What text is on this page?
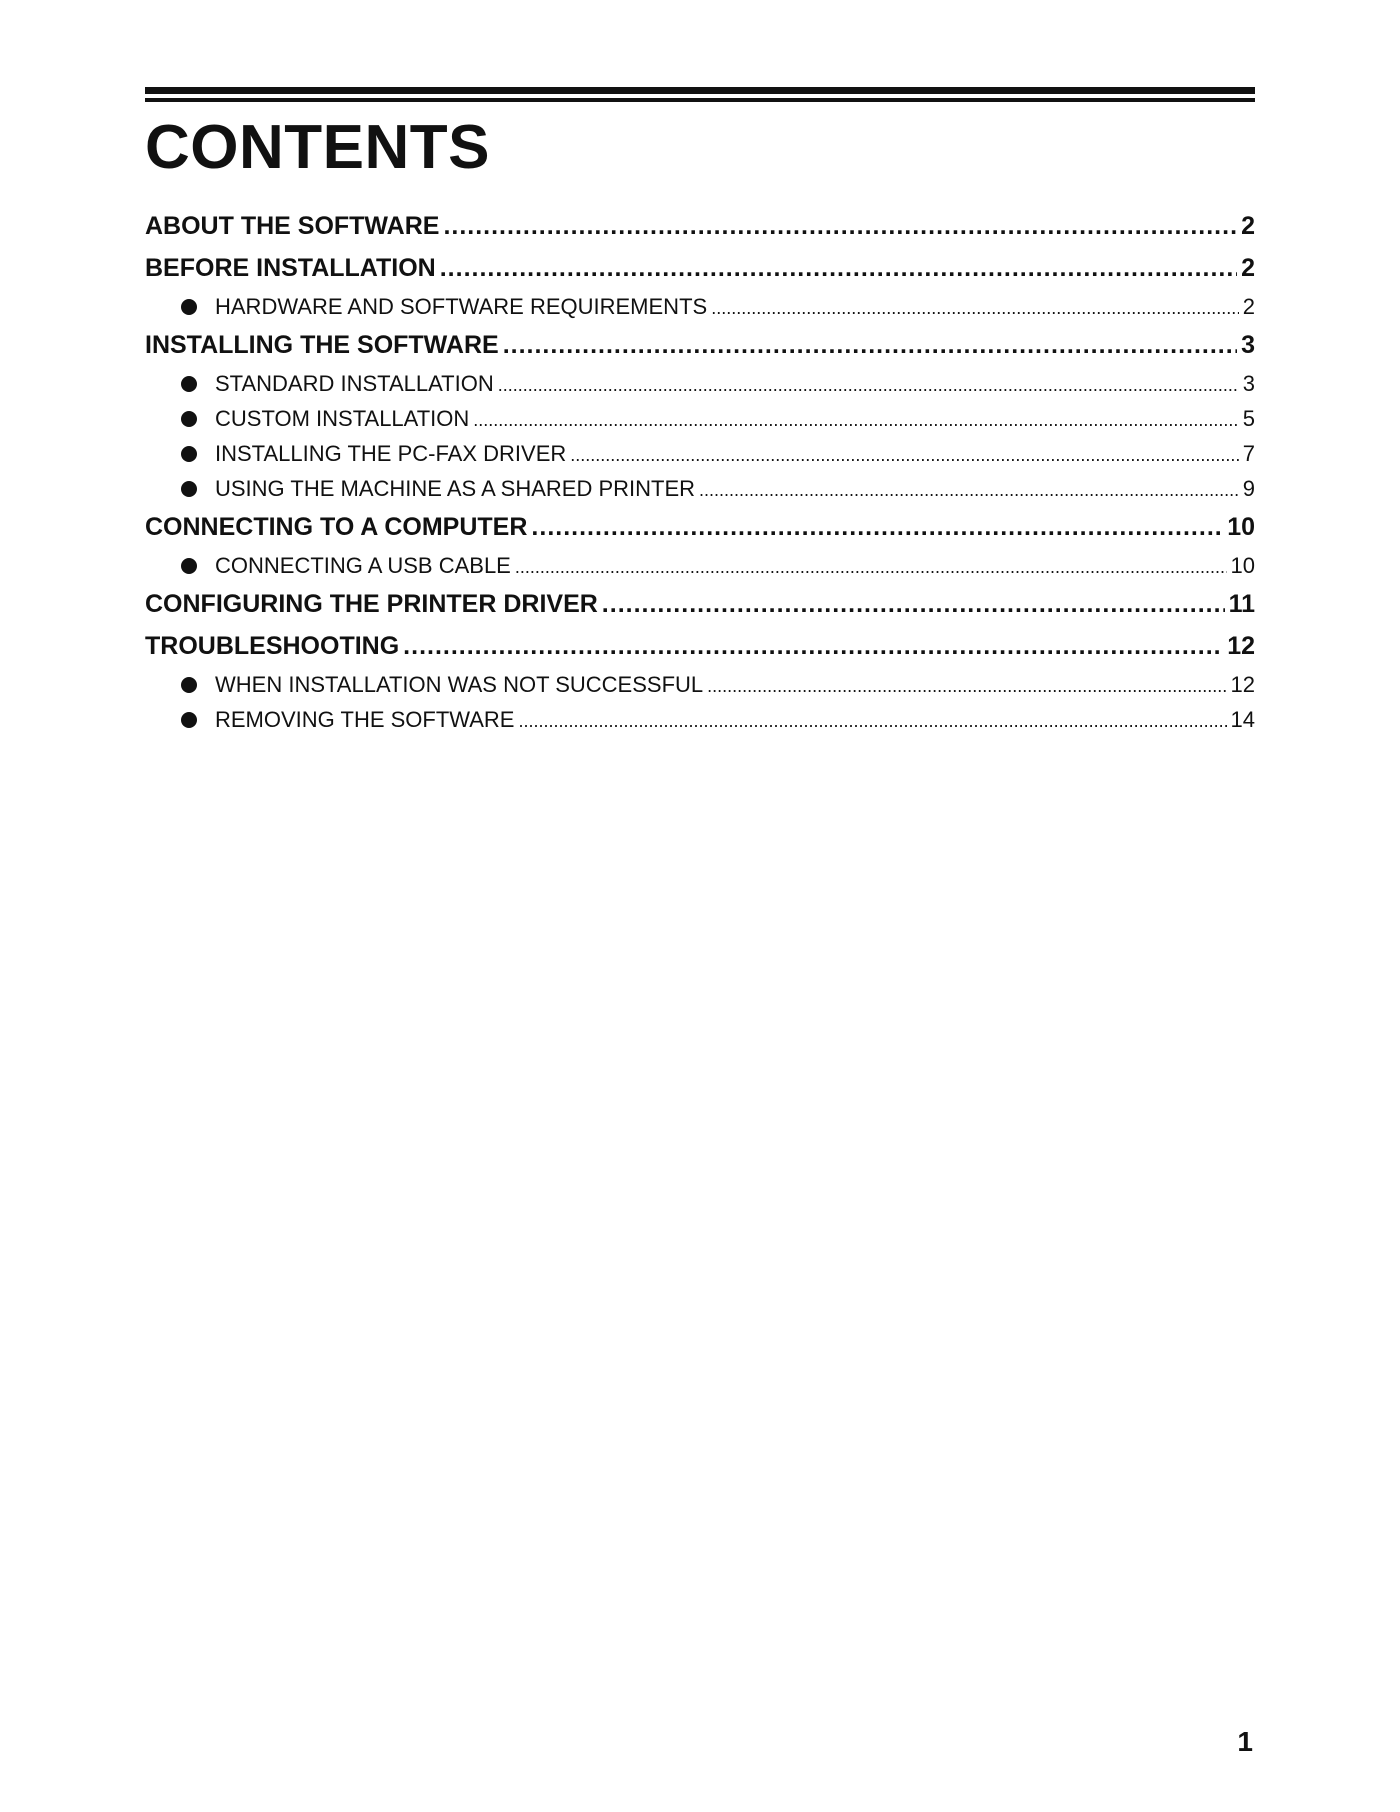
CONTENTS
ABOUT THE SOFTWARE .....	2
BEFORE INSTALLATION .....	2
HARDWARE AND SOFTWARE REQUIREMENTS .....	2
INSTALLING THE SOFTWARE .....	3
STANDARD INSTALLATION .....	3
CUSTOM INSTALLATION .....	5
INSTALLING THE PC-FAX DRIVER .....	7
USING THE MACHINE AS A SHARED PRINTER .....	9
CONNECTING TO A COMPUTER .....	10
CONNECTING A USB CABLE .....	10
CONFIGURING THE PRINTER DRIVER .....	11
TROUBLESHOOTING .....	12
WHEN INSTALLATION WAS NOT SUCCESSFUL .....	12
REMOVING THE SOFTWARE .....	14
1
